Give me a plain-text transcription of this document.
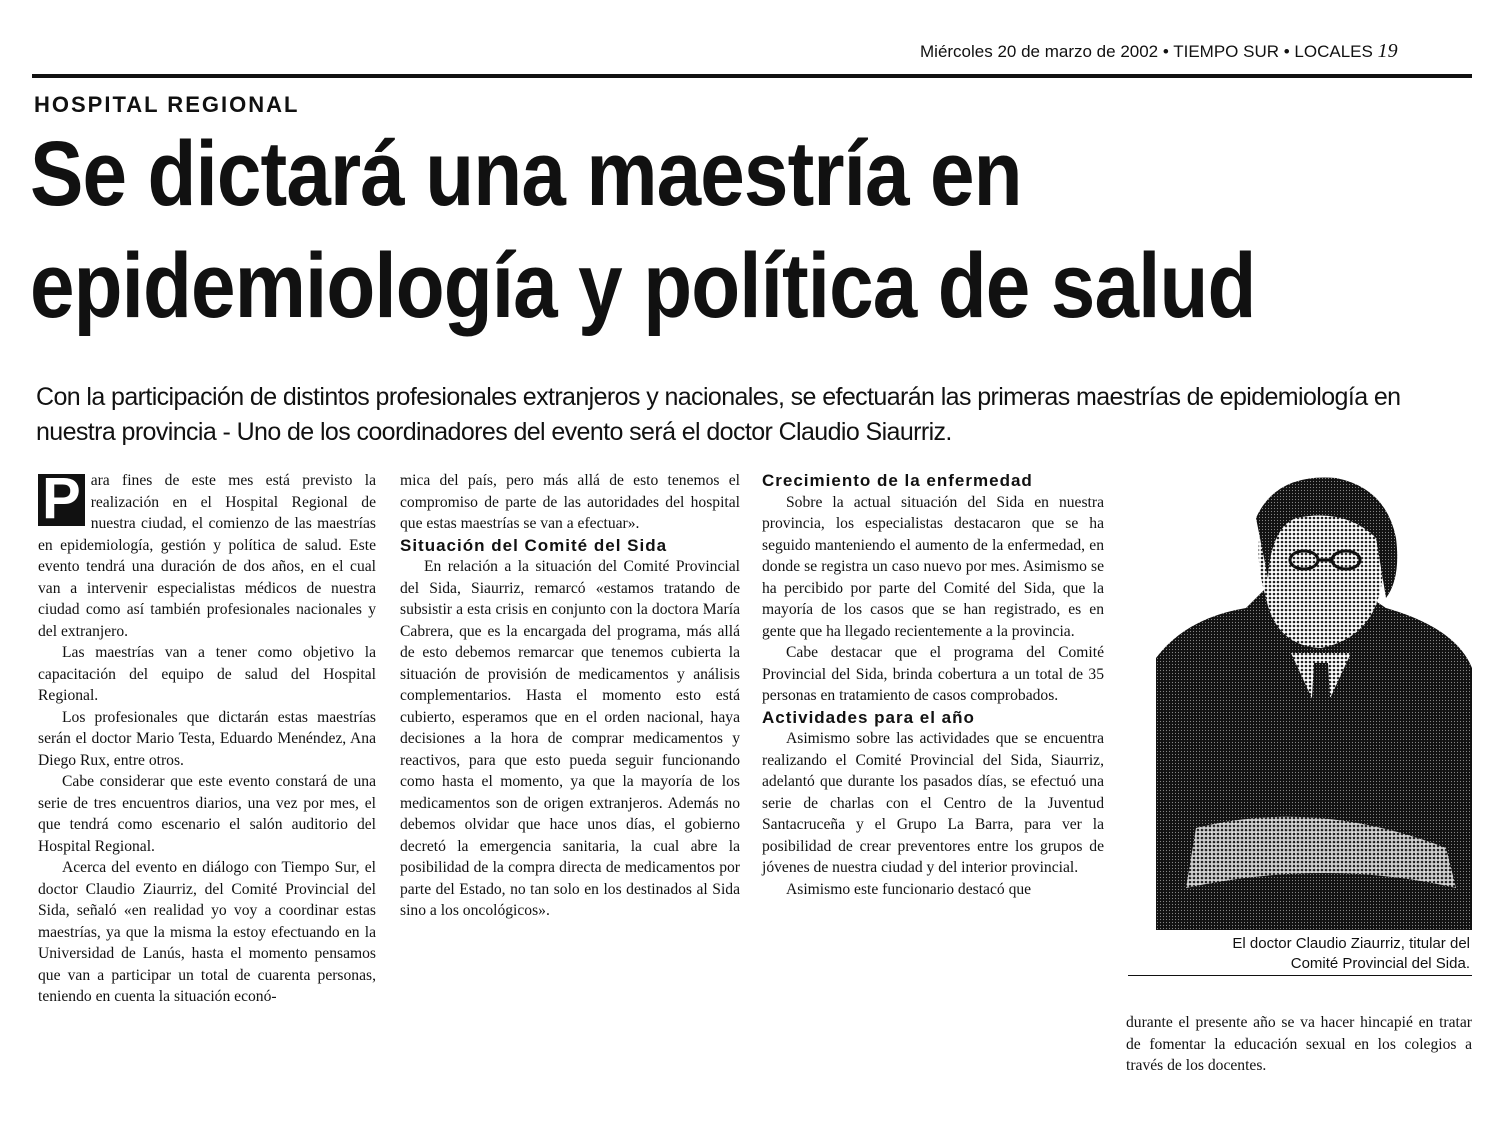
Miércoles 20 de marzo de 2002 • TIEMPO SUR • LOCALES 19
HOSPITAL REGIONAL
Se dictará una maestría en
epidemiología y política de salud
Con la participación de distintos profesionales extranjeros y nacionales, se efectuarán las primeras maestrías de epidemiología en nuestra provincia - Uno de los coordinadores del evento será el doctor Claudio Siaurriz.

P ara fines de este mes está previsto la realización en el Hospital Regional de nuestra ciudad, el comienzo de las maestrías en epidemiología, gestión y política de salud. Este evento tendrá una duración de dos años, en el cual van a intervenir especialistas médicos de nuestra ciudad como así también profesionales nacionales y del extranjero.

Las maestrías van a tener como objetivo la capacitación del equipo de salud del Hospital Regional.

Los profesionales que dictarán estas maestrías serán el doctor Mario Testa, Eduardo Menéndez, Ana Diego Rux, entre otros.

Cabe considerar que este evento constará de una serie de tres encuentros diarios, una vez por mes, el que tendrá como escenario el salón auditorio del Hospital Regional.

Acerca del evento en diálogo con Tiempo Sur, el doctor Claudio Ziaurriz, del Comité Provincial del Sida, señaló «en realidad yo voy a coordinar estas maestrías, ya que la misma la estoy efectuando en la Universidad de Lanús, hasta el momento pensamos que van a participar un total de cuarenta personas, teniendo en cuenta la situación econó-

mica del país, pero más allá de esto tenemos el compromiso de parte de las autoridades del hospital que estas maestrías se van a efectuar».

Situación del Comité del Sida

En relación a la situación del Comité Provincial del Sida, Siaurriz, remarcó «estamos tratando de subsistir a esta crisis en conjunto con la doctora María Cabrera, que es la encargada del programa, más allá de esto debemos remarcar que tenemos cubierta la situación de provisión de medicamentos y análisis complementarios. Hasta el momento esto está cubierto, esperamos que en el orden nacional, haya decisiones a la hora de comprar medicamentos y reactivos, para que esto pueda seguir funcionando como hasta el momento, ya que la mayoría de los medicamentos son de origen extranjeros. Además no debemos olvidar que hace unos días, el gobierno decretó la emergencia sanitaria, la cual abre la posibilidad de la compra directa de medicamentos por parte del Estado, no tan solo en los destinados al Sida sino a los oncológicos».

Crecimiento de la enfermedad

Sobre la actual situación del Sida en nuestra provincia, los especialistas destacaron que se ha seguido manteniendo el aumento de la enfermedad, en donde se registra un caso nuevo por mes. Asimismo se ha percibido por parte del Comité del Sida, que la mayoría de los casos que se han registrado, es en gente que ha llegado recientemente a la provincia.

Cabe destacar que el programa del Comité Provincial del Sida, brinda cobertura a un total de 35 personas en tratamiento de casos comprobados.

Actividades para el año

Asimismo sobre las actividades que se encuentra realizando el Comité Provincial del Sida, Siaurriz, adelantó que durante los pasados días, se efectuó una serie de charlas con el Centro de la Juventud Santacruceña y el Grupo La Barra, para ver la posibilidad de crear preventores entre los grupos de jóvenes de nuestra ciudad y del interior provincial.

Asimismo este funcionario destacó que

El doctor Claudio Ziaurriz, titular del
Comité Provincial del Sida.

durante el presente año se va hacer hincapié en tratar de fomentar la educación sexual en los colegios a través de los docentes.
